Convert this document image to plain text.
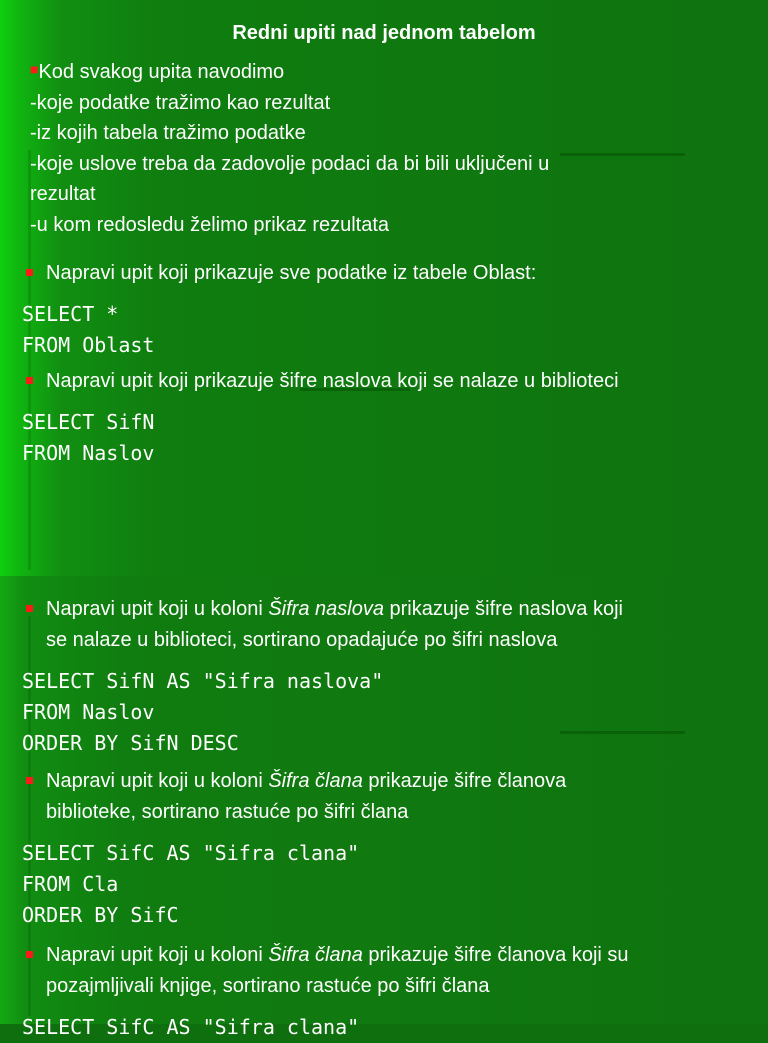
Redni upiti nad jednom tabelom
■Kod svakog upita navodimo
-koje podatke tražimo kao rezultat
-iz kojih tabela tražimo podatke
-koje uslove treba da zadovolje podaci da bi bili uključeni u
rezultat
-u kom redosledu želimo prikaz rezultata
Napravi upit koji prikazuje sve podatke iz tabele Oblast:
SELECT *
FROM Oblast
Napravi upit koji prikazuje šifre naslova koji se nalaze u biblioteci
SELECT SifN
FROM Naslov
Napravi upit koji u koloni Šifra naslova prikazuje šifre naslova koji
se nalaze u biblioteci, sortirano opadajuće po šifri naslova
SELECT SifN AS "Sifra naslova"
FROM Naslov
ORDER BY SifN DESC
Napravi upit koji u koloni Šifra člana prikazuje šifre članova
biblioteke, sortirano rastuće po šifri člana
SELECT SifC AS "Sifra clana"
FROM Cla
ORDER BY SifC
Napravi upit koji u koloni Šifra člana prikazuje šifre članova koji su
pozajmljivali knjige, sortirano rastuće po šifri člana
SELECT SifC AS "Sifra clana"
